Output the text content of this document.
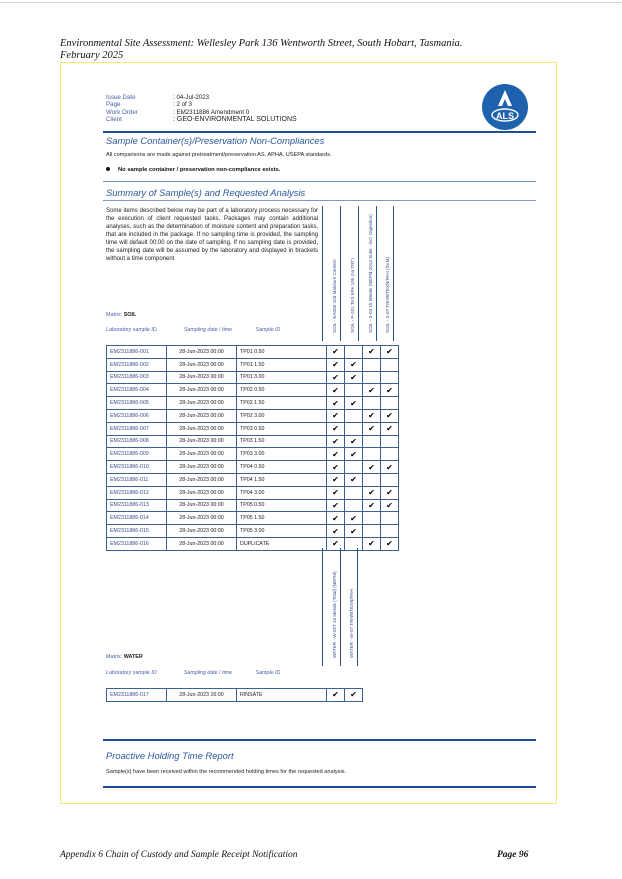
Environmental Site Assessment: Wellesley Park 136 Wentworth Street, South Hobart, Tasmania.
February 2025
Issue Date	: 04-Jul-2023
Page	: 2 of 3
Work Order	: EM2311886 Amendment 0
Client	: GEO-ENVIRONMENTAL SOLUTIONS	ALS
Sample Container(s)/Preservation Non-Compliances
All comparisons are made against pretreatment/preservation AS, APHA, USEPA standards.
No sample container / preservation non-compliance exists.
Summary of Sample(s) and Requested Analysis
Some items described below may be part of a laboratory process necessary for the execution of client requested tasks. Packages may contain additional analyses, such as the determination of moisture content and preparation tasks, that are included in the package. If no sampling time is provided, the sampling time will default 00:00 on the date of sampling. If no sampling date is provided, the sampling date will be assumed by the laboratory and displayed in brackets without a time component
SOIL - EA055-103 Moisture Content	SOIL - P-201 TAS EPA 105 (no TRT)	SOIL - S-03 15 Metals (NEPM 2013 Suite - incl. Digestion)	SOIL - S-07 TRH/BTEXN/PAH (SVM)
Matrix: SOIL
Laboratory sample ID	Sampling date / time	Sample ID
EM2311886-001	28-Jun-2023 00:00	TP01 0.50	✔		✔	✔
EM2311886-002	28-Jun-2023 00:00	TP01 1.50	✔	✔		
EM2311886-003	28-Jun-2023 00:00	TP01 3.00	✔	✔		
EM2311886-004	28-Jun-2023 00:00	TP02 0.50	✔		✔	✔
EM2311886-005	28-Jun-2023 00:00	TP02 1.50	✔	✔		
EM2311886-006	28-Jun-2023 00:00	TP02 3.00	✔		✔	✔
EM2311886-007	28-Jun-2023 00:00	TP03 0.50	✔		✔	✔
EM2311886-008	28-Jun-2023 00:00	TP03 1.50	✔	✔		
EM2311886-009	28-Jun-2023 00:00	TP03 3.00	✔	✔		
EM2311886-010	28-Jun-2023 00:00	TP04 0.50	✔		✔	✔
EM2311886-011	28-Jun-2023 00:00	TP04 1.50	✔	✔		
EM2311886-012	28-Jun-2023 00:00	TP04 3.00	✔		✔	✔
EM2311886-013	28-Jun-2023 00:00	TP05 0.50	✔		✔	✔
EM2311886-014	28-Jun-2023 00:00	TP05 1.50	✔	✔		
EM2311886-015	28-Jun-2023 00:00	TP05 3.00	✔	✔		
EM2311886-016	28-Jun-2023 00:00	DUPLICATE	✔		✔	✔
WATER - W-02T 15 Metals (Total) (NEPM)	WATER - W-07 TRH/BTEXN/PAH
Matrix: WATER
Laboratory sample ID	Sampling date / time	Sample ID
EM2311886-017	28-Jun-2023 16:00	RINSATE	✔	✔
Proactive Holding Time Report
Sample(s) have been received within the recommended holding times for the requested analysis.
Appendix 6 Chain of Custody and Sample Receipt Notification	Page 96
